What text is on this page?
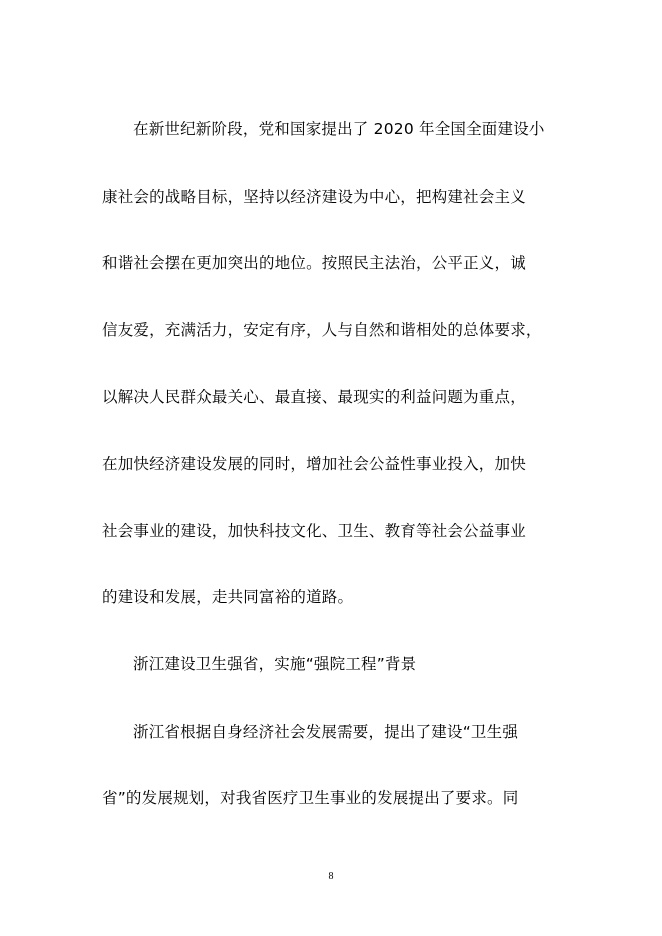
在新世纪新阶段，党和国家提出了 2020 年全国全面建设小
康社会的战略目标，坚持以经济建设为中心，把构建社会主义
和谐社会摆在更加突出的地位。按照民主法治，公平正义，诚
信友爱，充满活力，安定有序，人与自然和谐相处的总体要求，
以解决人民群众最关心、最直接、最现实的利益问题为重点，
在加快经济建设发展的同时，增加社会公益性事业投入，加快
社会事业的建设，加快科技文化、卫生、教育等社会公益事业
的建设和发展，走共同富裕的道路。
浙江建设卫生强省，实施“强院工程”背景
浙江省根据自身经济社会发展需要，提出了建设“卫生强
省”的发展规划，对我省医疗卫生事业的发展提出了要求。同
8
